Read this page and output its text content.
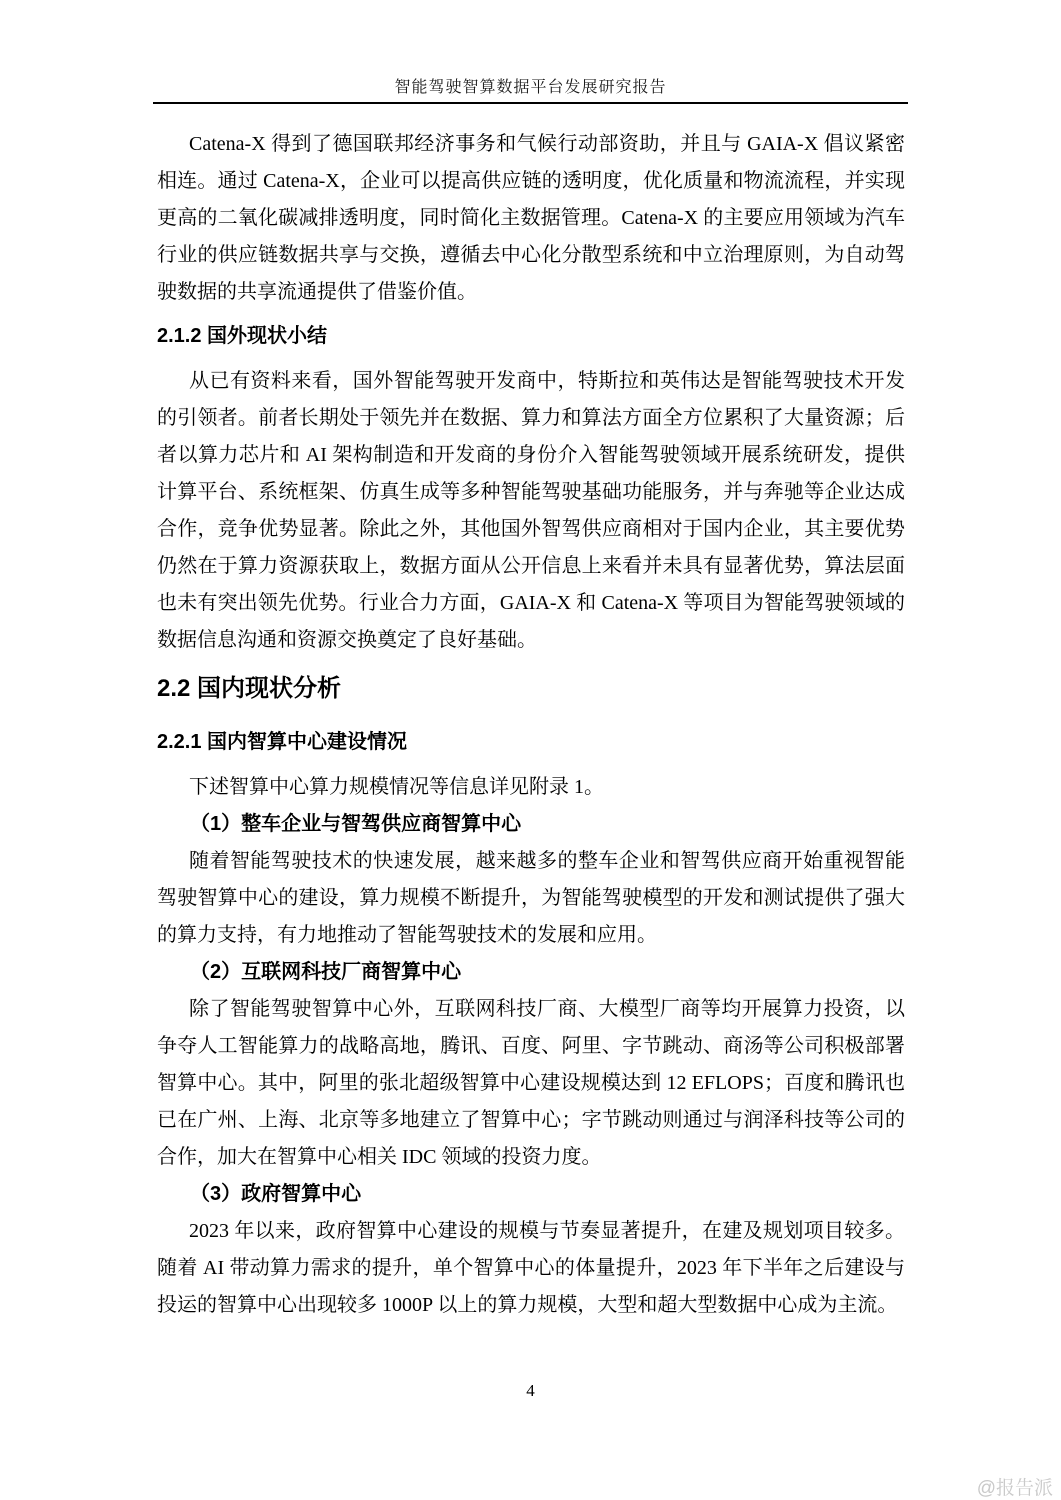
智能驾驶智算数据平台发展研究报告

Catena-X 得到了德国联邦经济事务和气候行动部资助，并且与 GAIA-X 倡议紧密相连。通过 Catena-X，企业可以提高供应链的透明度，优化质量和物流流程，并实现更高的二氧化碳减排透明度，同时简化主数据管理。Catena-X 的主要应用领域为汽车行业的供应链数据共享与交换，遵循去中心化分散型系统和中立治理原则，为自动驾驶数据的共享流通提供了借鉴价值。

2.1.2 国外现状小结

从已有资料来看，国外智能驾驶开发商中，特斯拉和英伟达是智能驾驶技术开发的引领者。前者长期处于领先并在数据、算力和算法方面全方位累积了大量资源；后者以算力芯片和 AI 架构制造和开发商的身份介入智能驾驶领域开展系统研发，提供计算平台、系统框架、仿真生成等多种智能驾驶基础功能服务，并与奔驰等企业达成合作，竞争优势显著。除此之外，其他国外智驾供应商相对于国内企业，其主要优势仍然在于算力资源获取上，数据方面从公开信息上来看并未具有显著优势，算法层面也未有突出领先优势。行业合力方面，GAIA-X 和 Catena-X 等项目为智能驾驶领域的数据信息沟通和资源交换奠定了良好基础。

2.2 国内现状分析
2.2.1 国内智算中心建设情况

下述智算中心算力规模情况等信息详见附录 1。

（1）整车企业与智驾供应商智算中心

随着智能驾驶技术的快速发展，越来越多的整车企业和智驾供应商开始重视智能驾驶智算中心的建设，算力规模不断提升，为智能驾驶模型的开发和测试提供了强大的算力支持，有力地推动了智能驾驶技术的发展和应用。

（2）互联网科技厂商智算中心

除了智能驾驶智算中心外，互联网科技厂商、大模型厂商等均开展算力投资，以争夺人工智能算力的战略高地，腾讯、百度、阿里、字节跳动、商汤等公司积极部署智算中心。其中，阿里的张北超级智算中心建设规模达到 12 EFLOPS；百度和腾讯也已在广州、上海、北京等多地建立了智算中心；字节跳动则通过与润泽科技等公司的合作，加大在智算中心相关 IDC 领域的投资力度。

（3）政府智算中心

2023 年以来，政府智算中心建设的规模与节奏显著提升，在建及规划项目较多。随着 AI 带动算力需求的提升，单个智算中心的体量提升，2023 年下半年之后建设与投运的智算中心出现较多 1000P 以上的算力规模，大型和超大型数据中心成为主流。

4
@报告派
